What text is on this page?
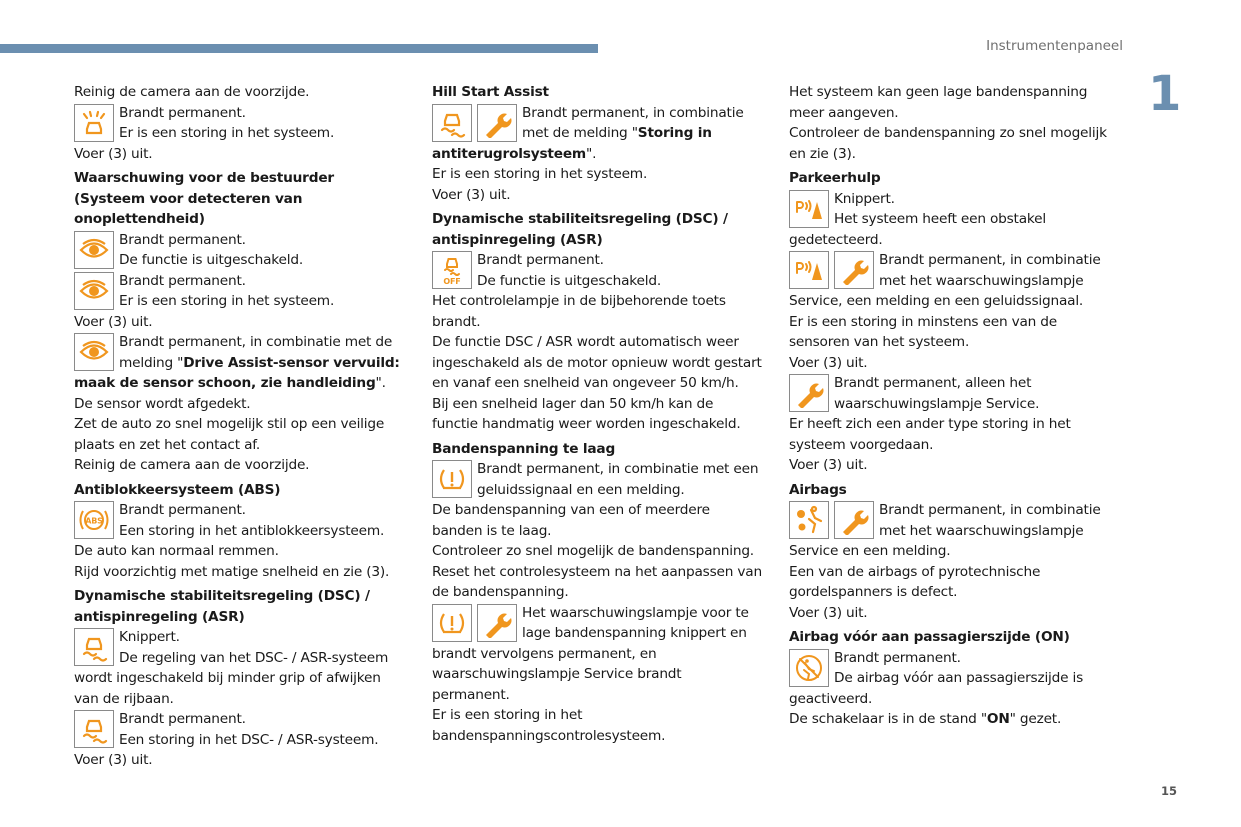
Instrumentenpaneel
1

Reinig de camera aan de voorzijde.

Brandt permanent.

Er is een storing in het systeem.

Voer (3) uit.

Waarschuwing voor de bestuurder (Systeem voor detecteren van onoplettendheid)

Brandt permanent.

De functie is uitgeschakeld.

Brandt permanent.

Er is een storing in het systeem.

Voer (3) uit.

Brandt permanent, in combinatie met de melding "Drive Assist-sensor vervuild: maak de sensor schoon, zie handleiding".

De sensor wordt afgedekt.

Zet de auto zo snel mogelijk stil op een veilige plaats en zet het contact af.

Reinig de camera aan de voorzijde.

Antiblokkeersysteem (ABS)

ABS

Brandt permanent.

Een storing in het antiblokkeersysteem.

De auto kan normaal remmen.

Rijd voorzichtig met matige snelheid en zie (3).

Dynamische stabiliteitsregeling (DSC) / antispinregeling (ASR)

Knippert.

De regeling van het DSC- / ASR-systeem wordt ingeschakeld bij minder grip of afwijken van de rijbaan.

Brandt permanent.

Een storing in het DSC- / ASR-systeem.

Voer (3) uit.

Hill Start Assist

Brandt permanent, in combinatie met de melding "Storing in antiterugrolsysteem".

Er is een storing in het systeem.

Voer (3) uit.

Dynamische stabiliteitsregeling (DSC) / antispinregeling (ASR)

OFF

Brandt permanent.

De functie is uitgeschakeld.

Het controlelampje in de bijbehorende toets brandt.

De functie DSC / ASR wordt automatisch weer ingeschakeld als de motor opnieuw wordt gestart en vanaf een snelheid van ongeveer 50 km/h.

Bij een snelheid lager dan 50 km/h kan de functie handmatig weer worden ingeschakeld.

Bandenspanning te laag

Brandt permanent, in combinatie met een geluidssignaal en een melding.

De bandenspanning van een of meerdere banden is te laag.

Controleer zo snel mogelijk de bandenspanning.

Reset het controlesysteem na het aanpassen van de bandenspanning.

Het waarschuwingslampje voor te lage bandenspanning knippert en brandt vervolgens permanent, en waarschuwingslampje Service brandt permanent.

Er is een storing in het bandenspanningscontrolesysteem.

Het systeem kan geen lage bandenspanning meer aangeven.

Controleer de bandenspanning zo snel mogelijk en zie (3).

Parkeerhulp

Knippert.

Het systeem heeft een obstakel gedetecteerd.

Brandt permanent, in combinatie met het waarschuwingslampje Service, een melding en een geluidssignaal.

Er is een storing in minstens een van de sensoren van het systeem.

Voer (3) uit.

Brandt permanent, alleen het waarschuwingslampje Service.

Er heeft zich een ander type storing in het systeem voorgedaan.

Voer (3) uit.

Airbags

Brandt permanent, in combinatie met het waarschuwingslampje Service en een melding.

Een van de airbags of pyrotechnische gordelspanners is defect.

Voer (3) uit.

Airbag vóór aan passagierszijde (ON)

Brandt permanent.

De airbag vóór aan passagierszijde is geactiveerd.

De schakelaar is in de stand "ON" gezet.

15
